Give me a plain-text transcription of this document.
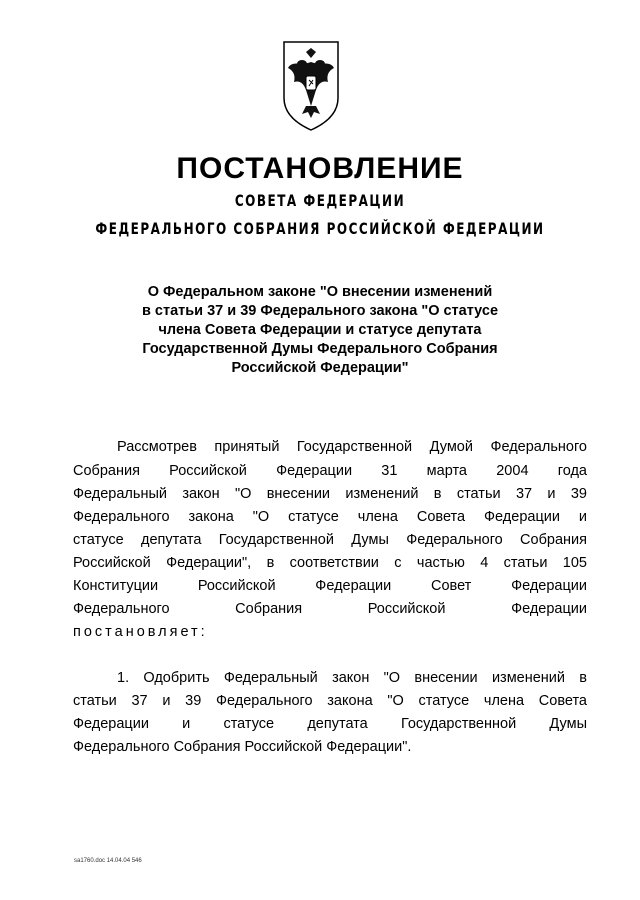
ПОСТАНОВЛЕНИЕ
СОВЕТА ФЕДЕРАЦИИ
ФЕДЕРАЛЬНОГО СОБРАНИЯ РОССИЙСКОЙ ФЕДЕРАЦИИ
О Федеральном законе "О внесении изменений
в статьи 37 и 39 Федерального закона "О статусе
члена Совета Федерации и статусе депутата
Государственной Думы Федерального Собрания
Российской Федерации"
Рассмотрев принятый Государственной Думой Федерального
Собрания Российской Федерации 31 марта 2004 года
Федеральный закон "О внесении изменений в статьи 37 и 39
Федерального закона "О статусе члена Совета Федерации и
статусе депутата Государственной Думы Федерального Собрания
Российской Федерации", в соответствии с частью 4 статьи 105
Конституции Российской Федерации Совет Федерации
Федерального Собрания Российской Федерации
постановляет:
1. Одобрить Федеральный закон "О внесении изменений в
статьи 37 и 39 Федерального закона "О статусе члена Совета
Федерации и статусе депутата Государственной Думы
Федерального Собрания Российской Федерации".
sa1760.doc 14.04.04 546
